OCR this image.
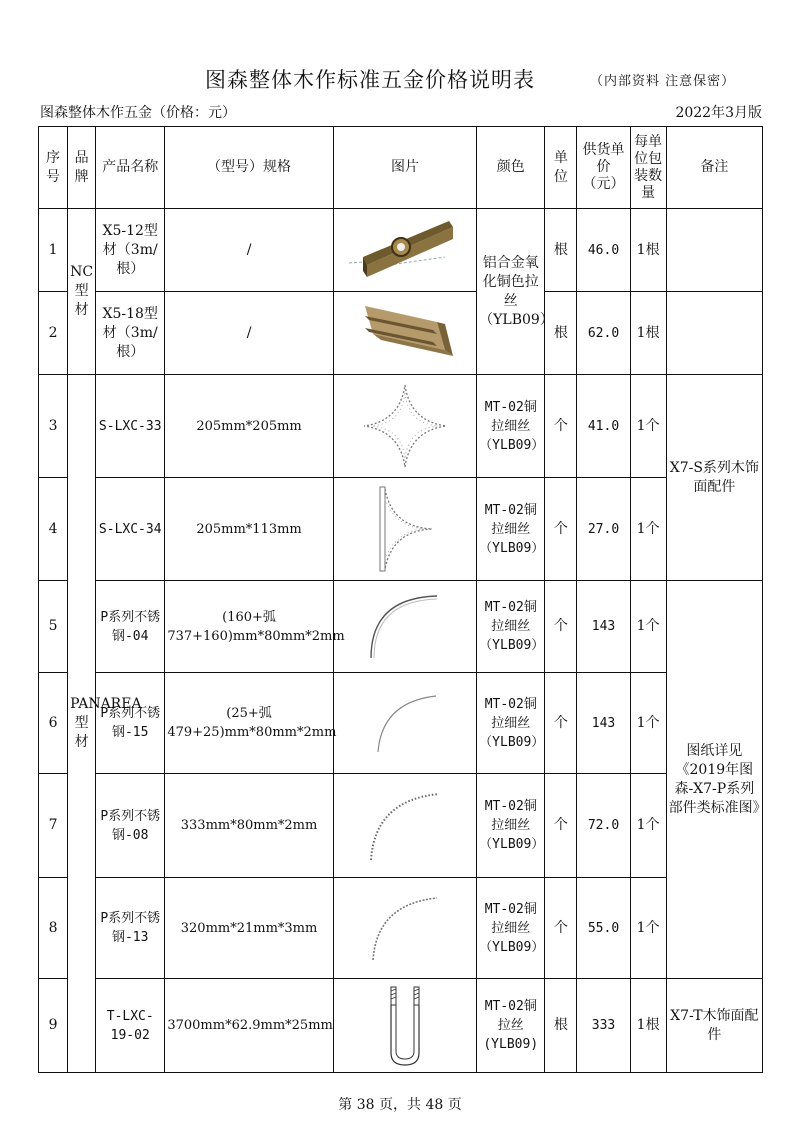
图森整体木作标准五金价格说明表	（内部资料 注意保密）
图森整体木作五金（价格：元）	2022年3月版
序号	品牌	产品名称	（型号）规格	图片	颜色	单位	供货单价（元）	每单位包装数量	备注
1	NC型材	X5-12型材（3m/根）	/		铝合金氧化铜色拉丝（YLB09）	根	46.0	1根	
2		X5-18型材（3m/根）	/			根	62.0	1根	
3	PANAREA型材	S-LXC-33	205mm*205mm		MT-02铜拉细丝（YLB09）	个	41.0	1个	X7-S系列木饰面配件
4		S-LXC-34	205mm*113mm		MT-02铜拉细丝（YLB09）	个	27.0	1个	
5		P系列不锈钢-04	(160+弧737+160)mm*80mm*2mm		MT-02铜拉细丝（YLB09）	个	143	1个	图纸详见《2019年图森-X7-P系列部件类标准图》
6		P系列不锈钢-15	(25+弧479+25)mm*80mm*2mm		MT-02铜拉细丝（YLB09）	个	143	1个	
7		P系列不锈钢-08	333mm*80mm*2mm		MT-02铜拉细丝（YLB09）	个	72.0	1个	
8		P系列不锈钢-13	320mm*21mm*3mm		MT-02铜拉细丝（YLB09）	个	55.0	1个	
9		T-LXC-19-02	3700mm*62.9mm*25mm		MT-02铜拉丝(YLB09)	根	333	1根	X7-T木饰面配件
第 38 页，共 48 页
